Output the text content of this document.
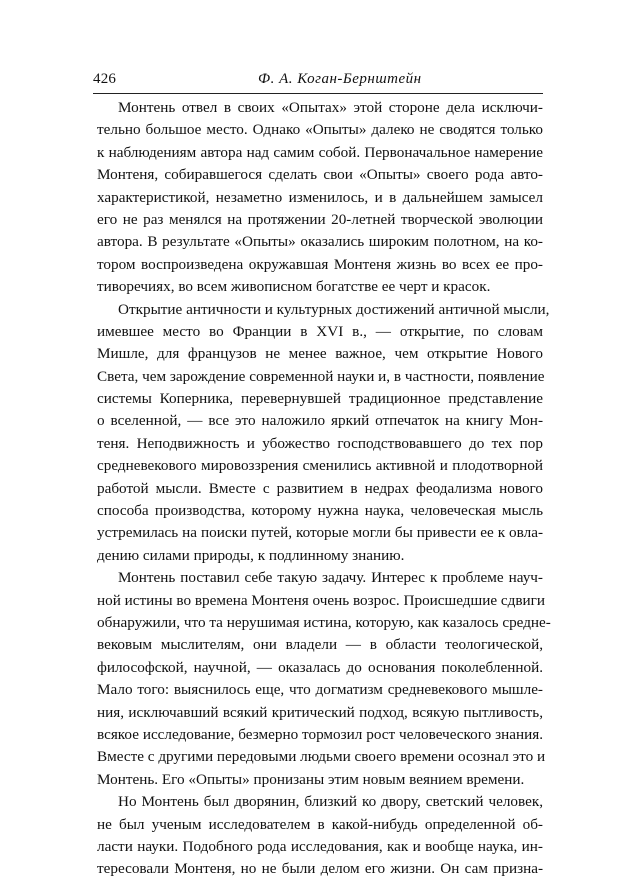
426	Ф. А. Коган-Бернштейн
Монтень отвел в своих «Опытах» этой стороне дела исключи-
тельно большое место. Однако «Опыты» далеко не сводятся только
к наблюдениям автора над самим собой. Первоначальное намерение
Монтеня, собиравшегося сделать свои «Опыты» своего рода авто-
характеристикой, незаметно изменилось, и в дальнейшем замысел
его не раз менялся на протяжении 20-летней творческой эволюции
автора. В результате «Опыты» оказались широким полотном, на ко-
тором воспроизведена окружавшая Монтеня жизнь во всех ее про-
тиворечиях, во всем живописном богатстве ее черт и красок.
Открытие античности и культурных достижений античной мысли,
имевшее место во Франции в XVI в., — открытие, по словам
Мишле, для французов не менее важное, чем открытие Нового
Света, чем зарождение современной науки и, в частности, появление
системы Коперника, перевернувшей традиционное представление
о вселенной, — все это наложило яркий отпечаток на книгу Мон-
теня. Неподвижность и убожество господствовавшего до тех пор
средневекового мировоззрения сменились активной и плодотворной
работой мысли. Вместе с развитием в недрах феодализма нового
способа производства, которому нужна наука, человеческая мысль
устремилась на поиски путей, которые могли бы привести ее к овла-
дению силами природы, к подлинному знанию.
Монтень поставил себе такую задачу. Интерес к проблеме науч-
ной истины во времена Монтеня очень возрос. Происшедшие сдвиги
обнаружили, что та нерушимая истина, которую, как казалось средне-
вековым мыслителям, они владели — в области теологической,
философской, научной, — оказалась до основания поколебленной.
Мало того: выяснилось еще, что догматизм средневекового мышле-
ния, исключавший всякий критический подход, всякую пытливость,
всякое исследование, безмерно тормозил рост человеческого знания.
Вместе с другими передовыми людьми своего времени осознал это и
Монтень. Его «Опыты» пронизаны этим новым веянием времени.
Но Монтень был дворянин, близкий ко двору, светский человек,
не был ученым исследователем в какой-нибудь определенной об-
ласти науки. Подобного рода исследования, как и вообще наука, ин-
тересовали Монтеня, но не были делом его жизни. Он сам призна-
